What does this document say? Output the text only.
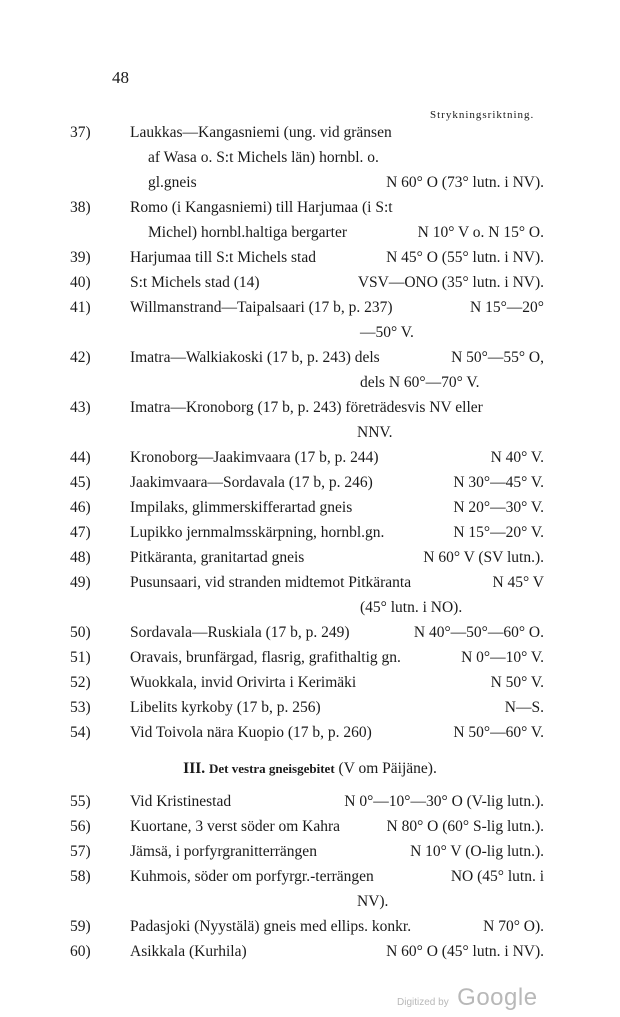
48
Strykningsriktning.
37)	Laukkas—Kangasniemi (ung. vid gränsen
af Wasa o. S:t Michels län) hornbl. o.
gl.gneis	N 60° O (73° lutn. i NV).
38)	Romo (i Kangasniemi) till Harjumaa (i S:t
Michel) hornbl.haltiga bergarter	N 10° V o. N 15° O.
39)	Harjumaa till S:t Michels stad	N 45° O (55° lutn. i NV).
40)	S:t Michels stad (14)	VSV—ONO (35° lutn. i NV).
41)	Willmanstrand—Taipalsaari (17 b, p. 237)	N 15°—20°
—50° V.
42)	Imatra—Walkiakoski (17 b, p. 243) dels	N 50°—55° O,
dels N 60°—70° V.
43)	Imatra—Kronoborg (17 b, p. 243) företrädesvis NV eller
NNV.
44)	Kronoborg—Jaakimvaara (17 b, p. 244)	N 40° V.
45)	Jaakimvaara—Sordavala (17 b, p. 246)	N 30°—45° V.
46)	Impilaks, glimmerskifferartad gneis	N 20°—30° V.
47)	Lupikko jernmalmsskärpning, hornbl.gn.	N 15°—20° V.
48)	Pitkäranta, granitartad gneis	N 60° V (SV lutn.).
49)	Pusunsaari, vid stranden midtemot Pitkäranta	N 45° V
(45° lutn. i NO).
50)	Sordavala—Ruskiala (17 b, p. 249)	N 40°—50°—60° O.
51)	Oravais, brunfärgad, flasrig, grafithaltig gn.	N 0°—10° V.
52)	Wuokkala, invid Orivirta i Kerimäki	N 50° V.
53)	Libelits kyrkoby (17 b, p. 256)	N—S.
54)	Vid Toivola nära Kuopio (17 b, p. 260)	N 50°—60° V.
III. Det vestra gneisgebitet (V om Päijäne).
55)	Vid Kristinestad	N 0°—10°—30° O (V-lig lutn.).
56)	Kuortane, 3 verst söder om Kahra	N 80° O (60° S-lig lutn.).
57)	Jämsä, i porfyrgranitterrängen	N 10° V (O-lig lutn.).
58)	Kuhmois, söder om porfyrgr.-terrängen	NO (45° lutn. i
NV).
59)	Padasjoki (Nyystälä) gneis med ellips. konkr.	N 70° O).
60)	Asikkala (Kurhila)	N 60° O (45° lutn. i NV).
Digitized by Google
